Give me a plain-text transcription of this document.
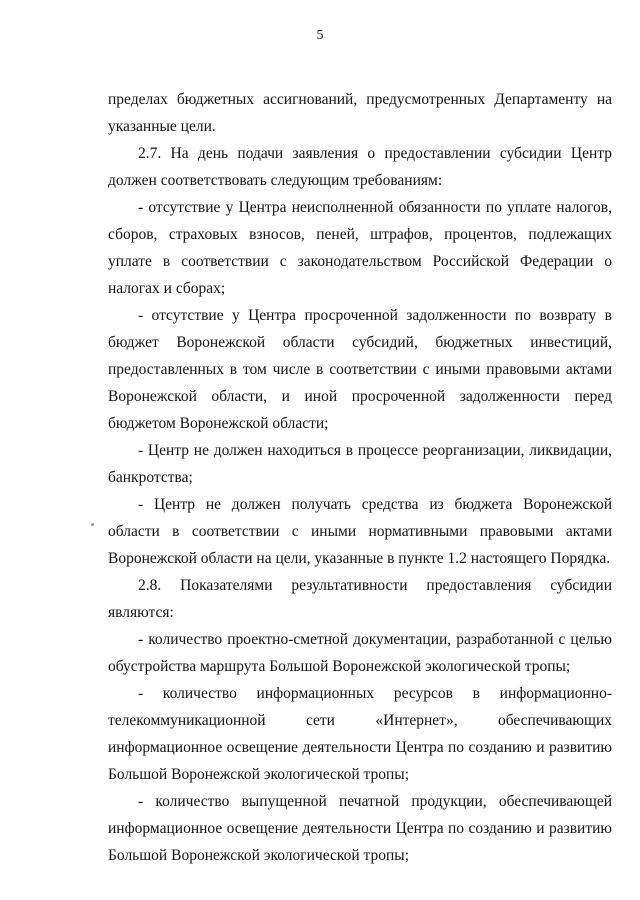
5

пределах бюджетных ассигнований, предусмотренных Департаменту на указанные цели.

2.7. На день подачи заявления о предоставлении субсидии Центр должен соответствовать следующим требованиям:

- отсутствие у Центра неисполненной обязанности по уплате налогов, сборов, страховых взносов, пеней, штрафов, процентов, подлежащих уплате в соответствии с законодательством Российской Федерации о налогах и сборах;

- отсутствие у Центра просроченной задолженности по возврату в бюджет Воронежской области субсидий, бюджетных инвестиций, предоставленных в том числе в соответствии с иными правовыми актами Воронежской области, и иной просроченной задолженности перед бюджетом Воронежской области;

- Центр не должен находиться в процессе реорганизации, ликвидации, банкротства;

- Центр не должен получать средства из бюджета Воронежской области в соответствии с иными нормативными правовыми актами Воронежской области на цели, указанные в пункте 1.2 настоящего Порядка.

2.8. Показателями результативности предоставления субсидии являются:

- количество проектно-сметной документации, разработанной с целью обустройства маршрута Большой Воронежской экологической тропы;

- количество информационных ресурсов в информационно-телекоммуникационной сети «Интернет», обеспечивающих информационное освещение деятельности Центра по созданию и развитию Большой Воронежской экологической тропы;

- количество выпущенной печатной продукции, обеспечивающей информационное освещение деятельности Центра по созданию и развитию Большой Воронежской экологической тропы;
